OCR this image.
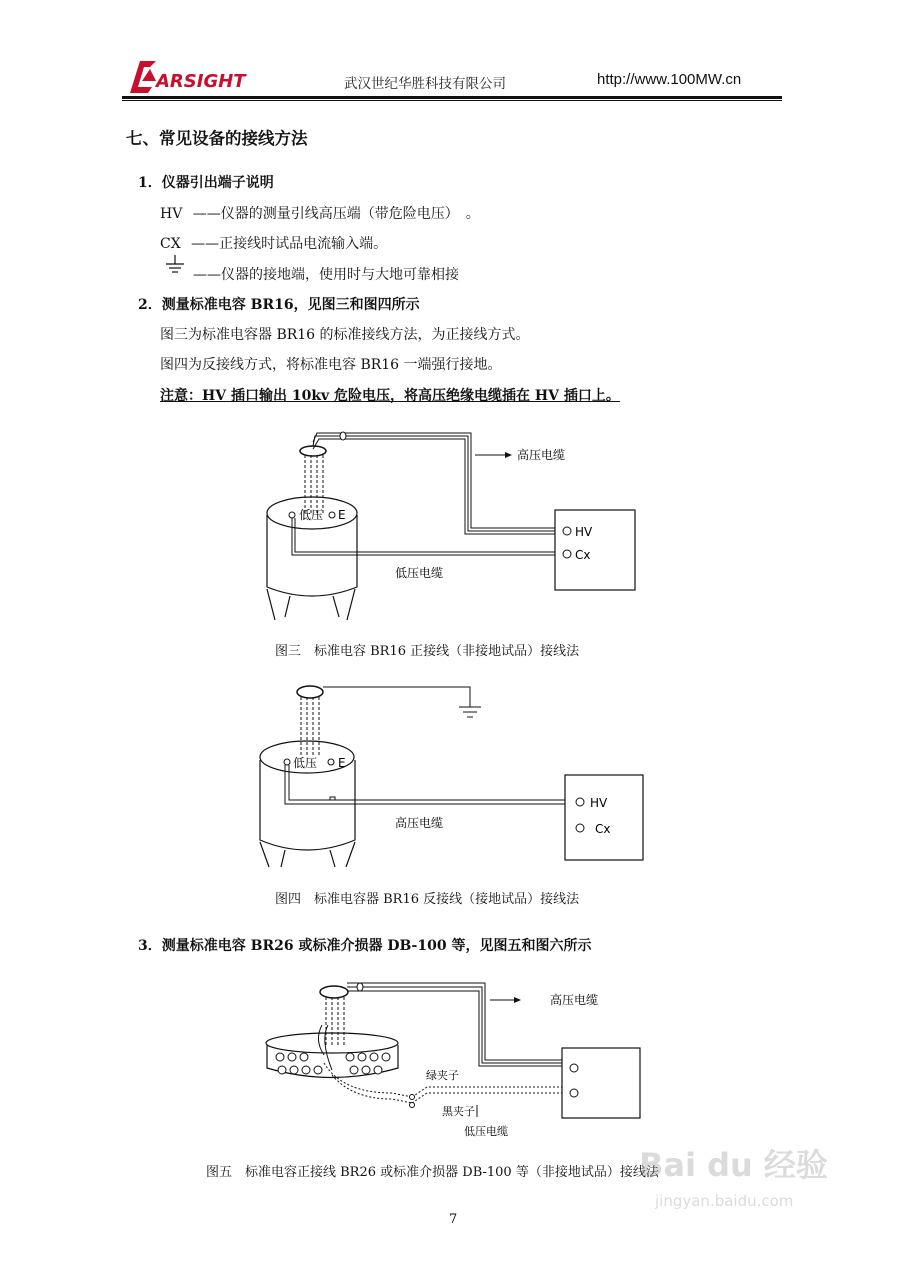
ARSIGHT	武汉世纪华胜科技有限公司	http://www.100MW.cn
七、常见设备的接线方法
1．仪器引出端子说明
HV ——仪器的测量引线高压端（带危险电压）　。
CX ——正接线时试品电流输入端。
——仪器的接地端，使用时与大地可靠相接
2．测量标准电容 BR16，见图三和图四所示
图三为标准电容器 BR16 的标准接线方法，为正接线方式。
图四为反接线方式，将标准电容 BR16 一端强行接地。
注意：HV 插口输出 10kv 危险电压，将高压绝缘电缆插在 HV 插口上。
高压电缆
低压 E
低压电缆
HV
Cx
图三　标准电容 BR16 正接线（非接地试品）接线法
低压 E
高压电缆
HV
Cx
图四　标准电容器 BR16 反接线（接地试品）接线法
3．测量标准电容 BR26 或标准介损器 DB-100 等，见图五和图六所示
高压电缆
绿夹子
黑夹子
低压电缆
图五　标准电容正接线 BR26 或标准介损器 DB-100 等（非接地试品）接线法
7
Bai du 经验
jingyan.baidu.com
